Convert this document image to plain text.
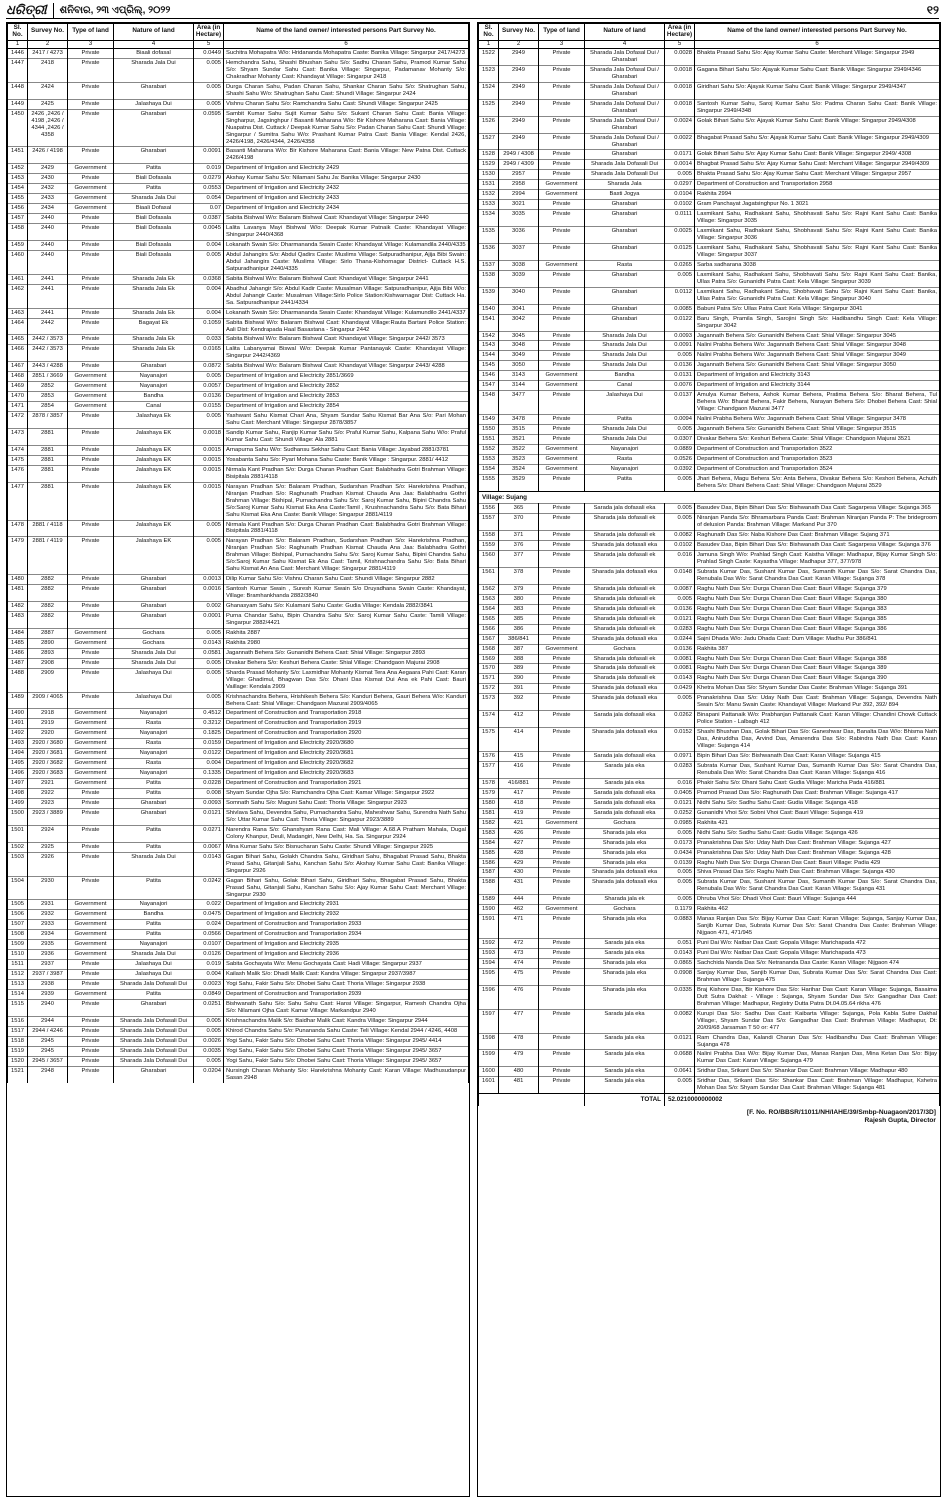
ଧରିତ୍ରୀ	ଶନିବାର, ୨୩ ଏପ୍ରିଲ୍, ୨୦୨୨	୧୨
Sl. No.	Survey No.	Type of land	Nature of land	Area (in Hectare)	Name of the land owner/ interested persons Part Survey No.
1	2	3	4	5	6
1446	2417 / 4273	Private	Biaali dofasal	0.0449	Suchitra Mohapatra W/o: Hridananda Mohapatra Caste: Banika Village: Singarpur 2417/4273
1447	2418	Private	Sharada Jala Dui	0.005	Hemchandra Sahu, Shashi Bhushan Sahu S/o: Sadhu Charan Sahu, Pramod Kumar Sahu S/o: Shyam Sundar Sahu Cast: Banika Village: Singarpur, Padamanav Mohanty S/o: Chakradhar Mohanty Cast: Khandayat Village: Singarpur 2418
1448	2424	Private	Gharabari	0.005	Durga Charan Sahu, Padan Charan Sahu, Shankar Charan Sahu S/o: Shatrughan Sahu, Shashi Sahu W/o: Shatrughan Sahu Cast: Shundi Village: Singarpur 2424
1449	2425	Private	Jalashaya Dui	0.005	Vishnu Charan Sahu S/o: Ramchandra Sahu Cast: Shundi Village: Singarpur 2425
1450	2426 ,2426 / 4198 ,2426 / 4344 ,2426 / 4358	Private	Gharabari	0.0595	Sambit Kumar Sahu Sujit Kumar Sahu S/o: Sukant Charan Sahu Cast: Bania Village: Singharpur, Jagsinghpur / Basanti Maharana W/o: Bir Kishore Maharana Cast: Bania Village: Nuapatna Dist. Cuttack / Deepak Kumar Sahu S/o: Padan Charan Sahu Cast: Shundi Village: Singarpur / Sumitra Sahu W/o: Prashant Kumar Patra Cast: Bania Village: Kendal 2426, 2426/4198, 2426/4344, 2426/4358
1451	2426 / 4198	Private	Gharabari	0.0091	Basanti Maharana W/o: Bir Kishore Maharana Cast: Bania Village: New Patna Dist. Cuttack 2426/4198
1452	2429	Government	Patita	0.019	Department of Irrigation and Electricity 2429
1453	2430	Private	Biali Dofasala	0.0279	Akshay Kumar Sahu S/o: Nilamani Sahu Ja: Banika Village: Singarpur 2430
1454	2432	Government	Patita	0.0553	Department of Irrigation and Electricity 2432
1455	2433	Government	Sharada Jala Dui	0.054	Department of Irrigation and Electricity 2433
1456	2434	Government	Biaali Dofasal	0.07	Department of Irrigation and Electricity 2434
1457	2440	Private	Biali Dofasala	0.0387	Sabita Bishwal W/o: Balaram Bishwal Cast: Khandayat Village: Singarpur 2440
1458	2440	Private	Biali Dofasala	0.0045	Lalita Lavanya Mayi Bishwal W/o: Deepak Kumar Patnaik Caste: Khandayat Village: Shingarpur 2440/4368
1459	2440	Private	Biali Dofasala	0.004	Lokanath Swain S/o: Dharmananda Swain Caste: Khandayat Village: Kulamandila 2440/4335
1460	2440	Private	Biali Dofasala	0.005	Abdul Jahangirs S/o: Abdul Qadirs Caste: Muslims Village: Satpuradhanipur, Ajija Bibi Swain: Abdul Jahangirs Caste: Muslims Village: Sirlo Thana-Kishornagar District- Cuttack H.S. Satpuradhanipur 2440/4335
1461	2441	Private	Sharada Jala Ek	0.0368	Sabita Bishwal W/o: Balaram Bishwal Cast: Khandayat Village: Singarpur 2441
1462	2441	Private	Sharada Jala Ek	0.004	Abadhul Jahangir S/o: Abdul Kadir Caste: Musalman Village: Satpuradhanipur, Ajija Bibi W/o: Abdul Jahangir Caste: Musalman Village:Sirlo Police Station:Kishwarnagar Dist: Cuttack Ha. Sa. Satpuradhanipur 2441/4334
1463	2441	Private	Sharada Jala Ek	0.004	Lokanath Swain S/o: Dharmananda Swain Caste: Khandayat Village: Kulamundilo 2441/4337
1464	2442	Private	Bagayat Ek	0.1059	Sabita Bishwal W/o: Balaram Bishwal Cast: Khandayat Village:Rauta Bartani Police Station: Aali Dist: Kendrapada Haal Basastana - Singarpur 2442
1465	2442 / 3573	Private	Sharada Jala Ek	0.033	Sabita Bishwal W/o: Balaram Bishwal Cast: Khandayat Village: Singarpur 2442/ 3573
1466	2442 / 3573	Private	Sharada Jala Ek	0.0165	Lalita Labanyamai Biswal W/o: Deepak Kumar Pantanayak Caste: Khandayat Village: Singarpur 2442/4369
1467	2443 / 4288	Private	Gharabari	0.0872	Sabita Bishwal W/o: Balaram Bishwal Cast: Khandayat Village: Singarpur 2443/ 4288
1468	2851 / 3669	Government	Nayanajori	0.005	Department of Irrigation and Electricity 2851/3669
1469	2852	Government	Nayanajori	0.0057	Department of Irrigation and Electricity 2852
1470	2853	Government	Bandha	0.0136	Department of Irrigation and Electricity 2853
1471	2854	Government	Canal	0.0155	Department of Irrigation and Electricity 2854
1472	2878 / 3857	Private	Jalashaya Ek	0.005	Yashwant Sahu Kismat Chari Ana, Shyam Sundar Sahu Kismat Bar Ana S/o: Pari Mohan Sahu Cast: Merchant Village: Singarpur 2878/3857
1473	2881	Private	Jalashaya EK	0.0018	Sandip Kumar Sahu, Ranjip Kumar Sahu S/o: Praful Kumar Sahu, Kalpana Sahu W/o: Praful Kumar Sahu Cast: Shundi Village: Ala 2881
1474	2881	Private	Jalashaya EK	0.0015	Arnapurna Sahu W/o: Sudhansu Sekhar Sahu Cast: Bania Village: Jayabad 2881/3781
1475	2881	Private	Jalashaya EK	0.0015	Yosabanta Sahu S/o: Pyari Mohana Sahu Caste: Banik Village : Singarpur. 2881/ 4412
1476	2881	Private	Jalashaya EK	0.0015	Nirmala Kant Pradhan S/o: Durga Charan Pradhan Cast: Balabhadra Gotri Brahman Village: Bisipitala 2881/4118
1477	2881	Private	Jalashaya EK	0.0015	Narayan Pradhan S/o: Balaram Pradhan, Sudarshan Pradhan S/o: Harekrishna Pradhan, Niranjan Pradhan S/o: Raghunath Pradhan Kismat Chauda Ana Jaa: Balabhadra Gothri Brahman Village: Bishipal, Purnachandra Sahu S/o: Saroj Kumar Sahu, Bipini Chandra Sahu S/o:Saroj Kumar Sahu Kismat Eka Ana Caste:Tamil , Krushnachandra Sahu S/o: Bata Bihari Sahu Kismat Eka Ana Caste: Banik Village: Singarpur 2881/4119
1478	2881 / 4118	Private	Jalashaya EK	0.005	Nirmala Kant Pradhan S/o: Durga Charan Pradhan Cast: Balabhadra Gotri Brahman Village: Bisipitala 2881/4118
1479	2881 / 4119	Private	Jalashaya EK	0.005	Narayan Pradhan S/o: Balaram Pradhan, Sudarshan Pradhan S/o: Harekrishna Pradhan, Niranjan Pradhan S/o: Raghunath Pradhan Kismat Chauda Ana Jaa: Balabhadra Gothri Brahman Village: Bishipal, Purnachandra Sahu S/o: Saroj Kumar Sahu, Bipini Chandra Sahu S/o:Saroj Kumar Sahu Kismat Ek Ana Cast: Tamil, Krishnachandra Sahu S/o: Bata Bihari Sahu Kismat An Ana Cast: Merchant Village: Singarpur 2881/4119
1480	2882	Private	Gharabari	0.0013	Dilip Kumar Sahu S/o: Vishnu Charan Sahu Cast: Shundi Village: Singarpur 2882
1481	2882	Private	Gharabari	0.0016	Santosh Kumar Swain , Suresh Kumar Swain S/o Druyadhana Swain Caste: Khandayat, Village: Bramhankhanda 2882/3840
1482	2882	Private	Gharabari	0.002	Ghanasyam Sahu S/o: Kulamani Sahu Caste: Gudia Village: Kendala 2882/3841
1483	2882	Private	Gharabari	0.0001	Purna Chandar Sahu, Bipin Chandra Sahu S/o: Saroj Kumar Sahu Caste: Tamili Village: Singarpur 2882/4421
1484	2887	Government	Gochara	0.005	Rakhita 2887
1485	2890	Government	Gochara	0.0143	Rakhita 2980
1486	2893	Private	Sharada Jala Dui	0.0581	Jagannath Behera S/o: Gunanidhi Behera Cast: Shial Village: Singarpur 2893
1487	2908	Private	Sharada Jala Dui	0.005	Divakar Behera S/o: Keshuri Behera Caste: Shial Village: Chandgaon Majurai 2908
1488	2909	Private	Jalashaya Dui	0.005	Sharda Prasad Mohanty S/o: Laxmidhar Mohanty Kismat Tera Ana Aegaara Pahi Cast: Karan Village: Ghadimul, Bhagwan Das S/o: Dhani Das Kismat Dui Ana ek Pahi Cast: Bauri Vaillage: Kendala 2909
1489	2909 / 4065	Private	Jalashaya Dui	0.005	Krishnachandra Behera, Hrishikesh Behera S/o: Kanduri Behera, Gauri Behera W/o: Kanduri Behera Cast: Shial Village: Chandgaon Mazurai 2909/4065
1490	2918	Government	Nayanajori	0.4512	Department of Construction and Transportation 2918
1491	2919	Government	Rasta	0.3212	Department of Construction and Transportation 2919
1492	2920	Government	Nayanajori	0.1825	Department of Construction and Transportation 2920
1493	2920 / 3680	Government	Rasta	0.0159	Department of Irrigation and Electricity 2920/3680
1494	2920 / 3681	Government	Nayanajori	0.0122	Department of Irrigation and Electricity 2920/3681
1495	2920 / 3682	Government	Rasta	0.004	Department of Irrigation and Electricity 2920/3682
1496	2920 / 3683	Government	Nayanajori	0.1335	Department of Irrigation and Electricity 2920/3683
1497	2921	Government	Patita	0.0228	Department of Construction and Transportation 2921
1498	2922	Private	Patita	0.008	Shyam Sundar Ojha S/o: Ramchandra Ojha Cast: Kamar Village: Singarpur 2922
1499	2923	Private	Gharabari	0.0093	Somnath Sahu S/o: Maguni Sahu Cast: Thoria Village: Singarpur 2923
1500	2923 / 3889	Private	Gharabari	0.0121	Shivlava Sahu, Devendra Sahu, Purnachandra Sahu, Maheshwar Sahu, Surendra Nath Sahu S/o: Uttar Kumar Sahu Cast: Thoria Village: Singarpur 2923/3889
1501	2924	Private	Patita	0.0271	Narendra Rana S/o: Ghanshyam Rana Cast: Mali Village: A.68.A Pratham Mahala, Dugal Colony Khanpur, Deuli, Madangiri, New Delhi, Ha. Sa. Singarpur 2924
1502	2925	Private	Patita	0.0067	Mina Kumar Sahu S/o: Bisnucharan Sahu Caste: Shundi Village: Singarpur 2925
1503	2926	Private	Sharada Jala Dui	0.0143	Gagan Bihari Sahu, Golakh Chandra Sahu, Giridhari Sahu, Bhagabat Prasad Sahu, Bhakta Prasad Sahu, Gitanjali Sahu, Kanchan Sahu S/o: Akshay Kumar Sahu Cast: Banika Village: Singarpur 2926
1504	2930	Private	Patita	0.0242	Gagan Bihari Sahu, Golak Bihari Sahu, Giridhari Sahu, Bhagabat Prasad Sahu, Bhakta Prasad Sahu, Gitanjali Sahu, Kanchan Sahu S/o: Ajay Kumar Sahu Cast: Merchant Village: Singarpur 2930
1505	2931	Government	Nayanajori	0.022	Department of Irrigation and Electricity 2931
1506	2932	Government	Bandha	0.0475	Department of Irrigation and Electricity 2932
1507	2933	Government	Patita	0.024	Department of Construction and Transportation 2933
1508	2934	Government	Patita	0.0566	Department of Construction and Transportation 2934
1509	2935	Government	Nayanajori	0.0107	Department of Irrigation and Electricity 2935
1510	2936	Government	Sharada Jala Dui	0.0126	Department of Irrigation and Electricity 2936
1511	2937	Private	Jalashaya Dui	0.019	Sabita Gochayata W/o: Menu Gochayata Cast: Hadi Village: Singarpur 2937
1512	2937 / 3987	Private	Jalashaya Dui	0.004	Kailash Malik S/o: Dhadi Malik Cast: Kandra Village: Singarpur 2937/3987
1513	2938	Private	Sharada Jala Dofasali Dui	0.0023	Yogi Sahu, Fakir Sahu S/o: Dhobei Sahu Cast: Thoria Village: Singarpur 2938
1514	2939	Government	Patita	0.0849	Department of Construction and Transportation 2939
1515	2940	Private	Gharabari	0.0251	Bishwanath Sahu S/o: Sahu Sahu Cast: Hansi Village: Singarpur, Ramesh Chandra Ojha S/o: Nilamani Ojha Cast: Kamar Village: Markandpur 2940
1516	2944	Private	Sharada Jala Dofasali Dui	0.005	Krishnachandra Malik S/o: Baidhar Malik Cast: Kandra Village: Singarpur 2944
1517	2944 / 4246	Private	Sharada Jala Dofasali Dui	0.005	Khirod Chandra Sahu S/o: Punananda Sahu Caste: Teli Village: Kendal 2944 / 4246, 4408
1518	2945	Private	Sharada Jala Dofasali Dui	0.0026	Yogi Sahu, Fakir Sahu S/o: Dhobei Sahu Cast: Thoria Village: Singarpur 2945/ 4414
1519	2945	Private	Sharada Jala Dofasali Dui	0.0035	Yogi Sahu, Fakir Sahu S/o: Dhobei Sahu Cast: Thoria Village: Singarpur 2945/ 3657
1520	2945 / 3657	Private	Sharada Jala Dofasali Dui	0.005	Yogi Sahu, Fakir Sahu S/o: Dhobei Sahu Cast: Thoria Village: Singarpur 2945/ 3657
1521	2948	Private	Gharabari	0.0204	Nursingh Charan Mohanty S/o: Harekrishna Mohanty Cast: Karan Village: Madhusudanpur Sasan 2948
Sl. No.	Survey No.	Type of land	Nature of land	Area (in Hectare)	Name of the land owner/ interested persons Part Survey No.
1	2	3	4	5	6
1522	2949	Private	Sharada Jala Dofasal Dui / Gharabari	0.0028	Bhakta Prasad Sahu S/o: Ajay Kumar Sahu Caste: Merchant Village: Singarpur 2949
1523	2949	Private	Sharada Jala Dofasal Dui / Gharabari	0.0018	Gagana Bihari Sahu S/o: Ajayak Kumar Sahu Cast: Banik Village: Singarpur 2949/4346
1524	2949	Private	Sharada Jala Dofasal Dui / Gharabari	0.0018	Giridhari Sahu S/o: Ajayak Kumar Sahu Cast: Banik Village: Singarpur 2949/4347
1525	2949	Private	Sharada Jala Dofasal Dui / Gharabari	0.0018	Santosh Kumar Sahu, Saroj Kumar Sahu S/o: Padma Charan Sahu Cast: Banik Village: Singarpur 2949/4348
1526	2949	Private	Sharada Jala Dofasal Dui / Gharabari	0.0024	Golak Bihari Sahu S/o: Ajayak Kumar Sahu Cast: Banik Village: Singarpur 2949/4308
1527	2949	Private	Sharada Jala Dofasal Dui / Gharabari	0.0022	Bhagabat Prasad Sahu S/o: Ajayak Kumar Sahu Cast: Banik Village: Singarpur 2949/4309
1528	2949 / 4308	Private	Gharabari	0.0171	Golak Bihari Sahu S/o: Ajay Kumar Sahu Cast: Banik Village: Singarpur 2949/ 4308
1529	2949 / 4309	Private	Sharada Jala Dofasali Dui	0.0014	Bhagbat Prasad Sahu S/o: Ajay Kumar Sahu Cast: Merchant Village: Singarpur 2949/4309
1530	2957	Private	Sharada Jala Dofasali Dui	0.005	Bhakta Prasad Sahu S/o: Ajay Kumar Sahu Cast: Merchant Village: Singarpur 2957
1531	2958	Government	Sharada Jala	0.0297	Department of Construction and Transportation 2958
1532	2994	Government	Basti Jogya	0.0104	Rakhita 2994
1533	3021	Private	Gharabari	0.0102	Gram Panchayat Jagatsinghpur No. 1 3021
1534	3035	Private	Gharabari	0.0111	Laxmikant Sahu, Radhakant Sahu, Shobhavati Sahu S/o: Rajni Kant Sahu Cast: Banika Village: Singarpur 3035
1535	3036	Private	Gharabari	0.0025	Laxmikant Sahu, Radhakant Sahu, Shobhavati Sahu S/o: Rajni Kant Sahu Cast: Banika Village: Singarpur 3036
1536	3037	Private	Gharabari	0.0125	Laxmikant Sahu, Radhakant Sahu, Shobhavati Sahu S/o: Rajni Kant Sahu Cast: Banika Village: Singarpur 3037
1537	3038	Government	Rasta	0.0265	Sarba sadharana 3038
1538	3039	Private	Gharabari	0.005	Laxmikant Sahu, Radhakant Sahu, Shobhavati Sahu S/o: Rajni Kant Sahu Cast: Banika, Ullas Patra S/o: Gunanidhi Patra Cast: Kela Village: Singarpur 3039
1539	3040	Private	Gharabari	0.0112	Laxmikant Sahu, Radhakant Sahu, Shobhavati Sahu S/o: Rajni Kant Sahu Cast: Banika, Ullas Patra S/o: Gunanidhi Patra Cast: Kela Village: Singarpur 3040
1540	3041	Private	Gharabari	0.0085	Babuni Patra S/o: Ullas Patra Cast: Kela Village: Singarpur 3041
1541	3042	Private	Gharabari	0.0122	Baru Singh, Pramila Singh, Sarojini Singh S/o: Hadibandhu Singh Cast: Kela Village: Singarpur 3042
1542	3045	Private	Sharada Jala Dui	0.0093	Jagannath Behera S/o: Gunanidhi Behera Cast: Shial Village: Singarpur 3045
1543	3048	Private	Sharada Jala Dui	0.0091	Nalini Prabha Behera W/o: Jagannath Behera Cast: Shial Village: Singarpur 3048
1544	3049	Private	Sharada Jala Dui	0.005	Nalini Prabha Behera W/o: Jagannath Behera Cast: Shial Village: Singarpur 3049
1545	3050	Private	Sharada Jala Dui	0.0136	Jagannath Behera S/o: Gunanidhi Behera Cast: Shial Village: Singarpur 3050
1546	3143	Government	Bandha	0.0131	Department of Irrigation and Electricity 3143
1547	3144	Government	Canal	0.0076	Department of Irrigation and Electricity 3144
1548	3477	Private	Jalashaya Dui	0.0137	Amulya Kumar Behera, Ashok Kumar Behera, Pratima Behera S/o: Bharat Behera, Tul Behera W/o: Bharat Behera, Fakir Behera, Narayan Behera S/o: Dhobei Behera Cast: Shial Village: Chandgaon Mazurai 3477
1549	3478	Private	Patita	0.0094	Nalini Prabha Behera W/o: Jagannath Behera Cast: Shial Village: Singarpur 3478
1550	3515	Private	Sharada Jala Dui	0.005	Jagannath Behera S/o: Gunanidhi Behera Cast: Shial Village: Singarpur 3515
1551	3521	Private	Sharada Jala Dui	0.0307	Divakar Behera S/o: Keshuri Behera Caste: Shial Village: Chandgaon Majurai 3521
1552	3522	Government	Nayanajori	0.0889	Department of Construction and Transportation 3522
1553	3523	Government	Rasta	0.0526	Department of Construction and Transportation 3523
1554	3524	Government	Nayanajori	0.0392	Department of Construction and Transportation 3524
1555	3529	Private	Patita	0.005	Jhari Behera, Magu Behera S/o: Anta Behera, Divakar Behera S/o: Keshori Behera, Achuth Behera S/o: Dhani Behera Cast: Shial Village: Chandgaon Majurai 3529
Village: Sujang					
1556	365	Private	Sarada jala dofasali eka	0.005	Basudev Das, Bipin Bihari Das S/o: Bishwanath Das Cast: Sagarpesa Village: Sujanga 365
1557	370	Private	Sharada jala dofasali ek	0.005	Niranjan Panda S/o: Bhramarbara Panda Cast: Brahman Niranjan Panda P: The bridegroom of delusion Panda: Brahman Village: Markand Pur 370
1558	371	Private	Sharada jala dofasali ek	0.0082	Raghunath Das S/o: Naba Kishore Das Cast: Brahman Village: Sujang 371
1559	376	Private	Sharada jala dofasali eka	0.0102	Basudev Das, Bipin Bihari Das S/o: Bishwanath Das Cast: Sagarpesa Village: Sujanga 376
1560	377	Private	Sharada jala dofasali ek	0.016	Jamuna Singh W/o: Prahlad Singh Cast: Kaistha Village: Madhapur, Bijay Kumar Singh S/o: Prahlad Singh Caste: Kayastha Village: Madhapur 377, 377/978
1561	378	Private	Sharada jala dofasali eka	0.0148	Subrata Kumar Das, Sushant Kumar Das, Sumanth Kumar Das S/o: Sarat Chandra Das, Renubala Das W/o: Sarat Chandra Das Cast: Karan Village: Sujanga 378
1562	379	Private	Sharada jala dofasali ek	0.0087	Raghu Nath Das S/o: Durga Charan Das Cast: Bauri Village: Sujanga 379
1563	380	Private	Sharada jala dofasali ek	0.005	Raghu Nath Das S/o: Durga Charan Das Cast: Bauri Village: Sujanga 380
1564	383	Private	Sharada jala dofasali ek	0.0136	Raghu Nath Das S/o: Durga Charan Das Cast: Bauri Village: Sujanga 383
1565	385	Private	Sharada jala dofasali ek	0.0121	Raghu Nath Das S/o: Durga Charan Das Cast: Bauri Village: Sujanga 385
1566	386	Private	Sharada jala dofasali ek	0.0283	Raghu Nath Das S/o: Durga Charan Das Cast: Bauri Village: Sujanga 386
1567	386/841	Private	Sharada jala dofasali eka	0.0244	Sajni Dhada W/o: Jadu Dhada Cast: Dum Village: Madhu Pur 386/841
1568	387	Government	Gochara	0.0136	Rakhita 387
1569	388	Private	Sharada jala dofasali ek	0.0081	Raghu Nath Das S/o: Durga Charan Das Cast: Bauri Village: Sujanga 388
1570	389	Private	Sharada jala dofasali ek	0.0081	Raghu Nath Das S/o: Durga Charan Das Cast: Bauri Village: Sujanga 389
1571	390	Private	Sharada jala dofasali ek	0.0143	Raghu Nath Das S/o: Durga Charan Das Cast: Bauri Village: Sujanga 390
1572	391	Private	Sharada jala dofasali eka	0.0429	Khetra Mohan Das S/o: Shyam Sundar Das Caste: Brahman Village: Sujanga 391
1573	392	Private	Sharada jala dofasali eka	0.005	Pranakrishna Das S/o: Uday Nath Das Cast: Brahman Village: Sujanga, Devendra Nath Swain S/o: Manu Swain Caste: Khandayat Village: Markand Pur 392, 392/ 894
1574	412	Private	Sarada jala dofasali eka	0.0262	Binapani Pattanaik W/o: Prabhanjan Pattanaik Cast: Karan Village: Chandini Chowk Cuttack Police Station - Lalbagh 412
1575	414	Private	Sharada jala dofasali eka	0.0152	Shashi Bhushan Das, Golak Bihari Das S/o: Ganeshwar Das, Banalta Das W/o: Bhisma Nath Das, Aniruddha Das, Arvind Das, Amarendra Das S/o: Rabindra Nath Das Cast: Karan Village: Sujanga 414
1576	415	Private	Sarada jala dofasali eka	0.0971	Bipin Bihari Das S/o: Bishwanath Das Cast: Karan Village: Sujanga 415
1577	416	Private	Sarada jala eka	0.0283	Subrata Kumar Das, Sushant Kumar Das, Sumanth Kumar Das S/o: Sarat Chandra Das, Renubala Das W/o: Sarat Chandra Das Cast: Karan Village: Sujanga 416
1578	416/881	Private	Sarada jala eka	0.016	Phakir Sahu S/o: Dhani Sahu Cast: Gudia Village: Maricha Pada 416/881
1579	417	Private	Sarada jala dofasali eka	0.0405	Pramod Prasad Das S/o: Raghunath Das Cast: Brahman Village: Sujanga 417
1580	418	Private	Sarada jala dofasali eka	0.0121	Nidhi Sahu S/o: Sadhu Sahu Cast: Gudia Village: Sujanga 418
1581	419	Private	Sarada jala dofasali eka	0.0252	Gunanidhi Vhoi S/o: Sobni Vhoi Cast: Bauri Village: Sujanga 419
1582	421	Government	Gochara	0.0985	Rakhita 421
1583	426	Private	Sharada jala eka	0.005	Nidhi Sahu S/o: Sadhu Sahu Cast: Gudia Village: Sujanga 426
1584	427	Private	Sharada jala eka	0.0173	Pranakrishna Das S/o: Uday Nath Das Cast: Brahman Village: Sujanga 427
1585	428	Private	Sharada jala eka	0.0434	Pranakrishna Das S/o: Uday Nath Das Cast: Brahman Village: Sujanga 428
1586	429	Private	Sharada jala eka	0.0139	Raghu Nath Das S/o: Durga Charan Das Cast: Bauri Village: Padia 429
1587	430	Private	Sharada jala dofasali eka	0.005	Shiva Prasad Das S/o: Raghu Nath Das Cast: Brahman Village: Sujanga 430
1588	431	Private	Sharada jala dofasali eka	0.005	Subrata Kumar Das, Sushant Kumar Das, Sumanth Kumar Das S/o: Sarat Chandra Das, Renubala Das W/o: Sarat Chandra Das Cast: Karan Village: Sujanga 431
1589	444	Private	Sharada jala ek	0.005	Dhruba Vhoi S/o: Dhadi Vhoi Cast: Bauri Village: Sujanga 444
1590	462	Government	Gochara	0.1179	Rakhita 462
1591	471	Private	Sharada jala eka	0.0883	Manas Ranjan Das S/o: Bijay Kumar Das Cast: Karan Village: Sujanga, Sanjay Kumar Das, Sanjib Kumar Das, Subrata Kumar Das S/o: Sarat Chandra Das Caste: Brahman Village: Nijgaon 471, 471/945
1592	472	Private	Sarada jala eka	0.051	Puni Dai W/o: Natbar Das Cast: Gopala Village: Marichapada 472
1593	473	Private	Sarada jala eka	0.0143	Puni Dai W/o: Natbar Das Cast: Gopala Village: Marichapada 473
1594	474	Private	Sharada jala eka	0.0865	Sachchida Nanda Das S/o: Netrananda Das Caste: Karan Village: Nijgaon 474
1595	475	Private	Sharada jala eka	0.0908	Sanjay Kumar Das, Sanjib Kumar Das, Subrata Kumar Das S/o: Sarat Chandra Das Cast: Brahman Village: Sujanga 475
1596	476	Private	Sharada jala eka	0.0335	Braj Kishore Das, Bir Kishore Das S/o: Harihar Das Cast: Karan Village: Sujanga, Basaima Dutt Sutra Dakhal: - Village : Sujanga, Shyam Sundar Das S/o: Gangadhar Das Cast: Brahman Village: Madhapur, Registry Dutta Patra Dt.04.05.64 rikha 476
1597	477	Private	Sarada jala eka	0.0082	Kurupi Das S/o: Sadhu Das Cast: Kaibarta Village: Sujanga, Pola Kabla Sutre Dakhal Village:, Shyam Sundar Das S/o: Gangadhar Das Cast: Brahman Village: Madhapur, Dt: 20/09/68 Jarsaman T 50 or: 477
1598	478	Private	Sarada jala eka	0.0121	Ram Chandra Das, Kalandi Charan Das S/o: Hadibandhu Das Cast: Brahman Village: Sujanga 478
1599	479	Private	Sarada jala eka	0.0688	Nalini Prabha Das W/o: Bijay Kumar Das, Manas Ranjan Das, Mina Ketan Das S/o: Bijay Kumar Das Cast: Karan Village: Sujanga 479
1600	480	Private	Sarada jala eka	0.0641	Sridhar Das, Srikant Das S/o: Shankar Das Cast: Brahman Village: Madhapur 480
1601	481	Private	Sarada jala eka	0.005	Sridhar Das, Srikant Das S/o: Shankar Das Cast: Brahman Village: Madhapur, Kshetra Mohan Das S/o: Shyam Sundar Das Cast: Brahman Village: Sujanga 481
			TOTAL	52.0210000000002	
[F. No. RO/BBSR/11011/NH/IAHE/39/Smbp-Nuagaon/2017/3D]
Rajesh Gupta, Director
